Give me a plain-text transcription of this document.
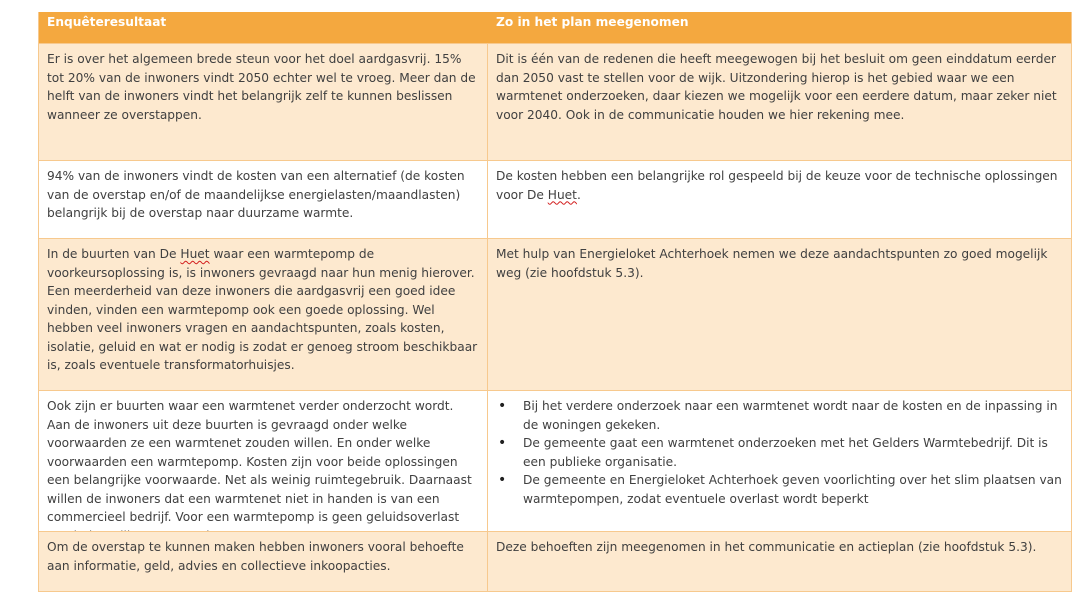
Enquêteresultaat	Zo in het plan meegenomen
Er is over het algemeen brede steun voor het doel aardgasvrij. 15% tot 20% van de inwoners vindt 2050 echter wel te vroeg. Meer dan de helft van de inwoners vindt het belangrijk zelf te kunnen beslissen wanneer ze overstappen.
Dit is één van de redenen die heeft meegewogen bij het besluit om geen einddatum eerder dan 2050 vast te stellen voor de wijk. Uitzondering hierop is het gebied waar we een warmtenet onderzoeken, daar kiezen we mogelijk voor een eerdere datum, maar zeker niet voor 2040. Ook in de communicatie houden we hier rekening mee.
94% van de inwoners vindt de kosten van een alternatief (de kosten van de overstap en/of de maandelijkse energielasten/maandlasten) belangrijk bij de overstap naar duurzame warmte.
De kosten hebben een belangrijke rol gespeeld bij de keuze voor de technische oplossingen voor De Huet.
In de buurten van De Huet waar een warmtepomp de voorkeursoplossing is, is inwoners gevraagd naar hun menig hierover. Een meerderheid van deze inwoners die aardgasvrij een goed idee vinden, vinden een warmtepomp ook een goede oplossing. Wel hebben veel inwoners vragen en aandachtspunten, zoals kosten, isolatie, geluid en wat er nodig is zodat er genoeg stroom beschikbaar is, zoals eventuele transformatorhuisjes.
Met hulp van Energieloket Achterhoek nemen we deze aandachtspunten zo goed mogelijk weg (zie hoofdstuk 5.3).
Ook zijn er buurten waar een warmtenet verder onderzocht wordt. Aan de inwoners uit deze buurten is gevraagd onder welke voorwaarden ze een warmtenet zouden willen. En onder welke voorwaarden een warmtepomp. Kosten zijn voor beide oplossingen een belangrijke voorwaarde. Net als weinig ruimtegebruik. Daarnaast willen de inwoners dat een warmtenet niet in handen is van een commercieel bedrijf. Voor een warmtepomp is geen geluidsoverlast
• Bij het verdere onderzoek naar een warmtenet wordt naar de kosten en de inpassing in de woningen gekeken.
• De gemeente gaat een warmtenet onderzoeken met het Gelders Warmtebedrijf. Dit is een publieke organisatie.
• De gemeente en Energieloket Achterhoek geven voorlichting over het slim plaatsen van warmtepompen, zodat eventuele overlast wordt beperkt
Om de overstap te kunnen maken hebben inwoners vooral behoefte aan informatie, geld, advies en collectieve inkoopacties.
Deze behoeften zijn meegenomen in het communicatie en actieplan (zie hoofdstuk 5.3).
